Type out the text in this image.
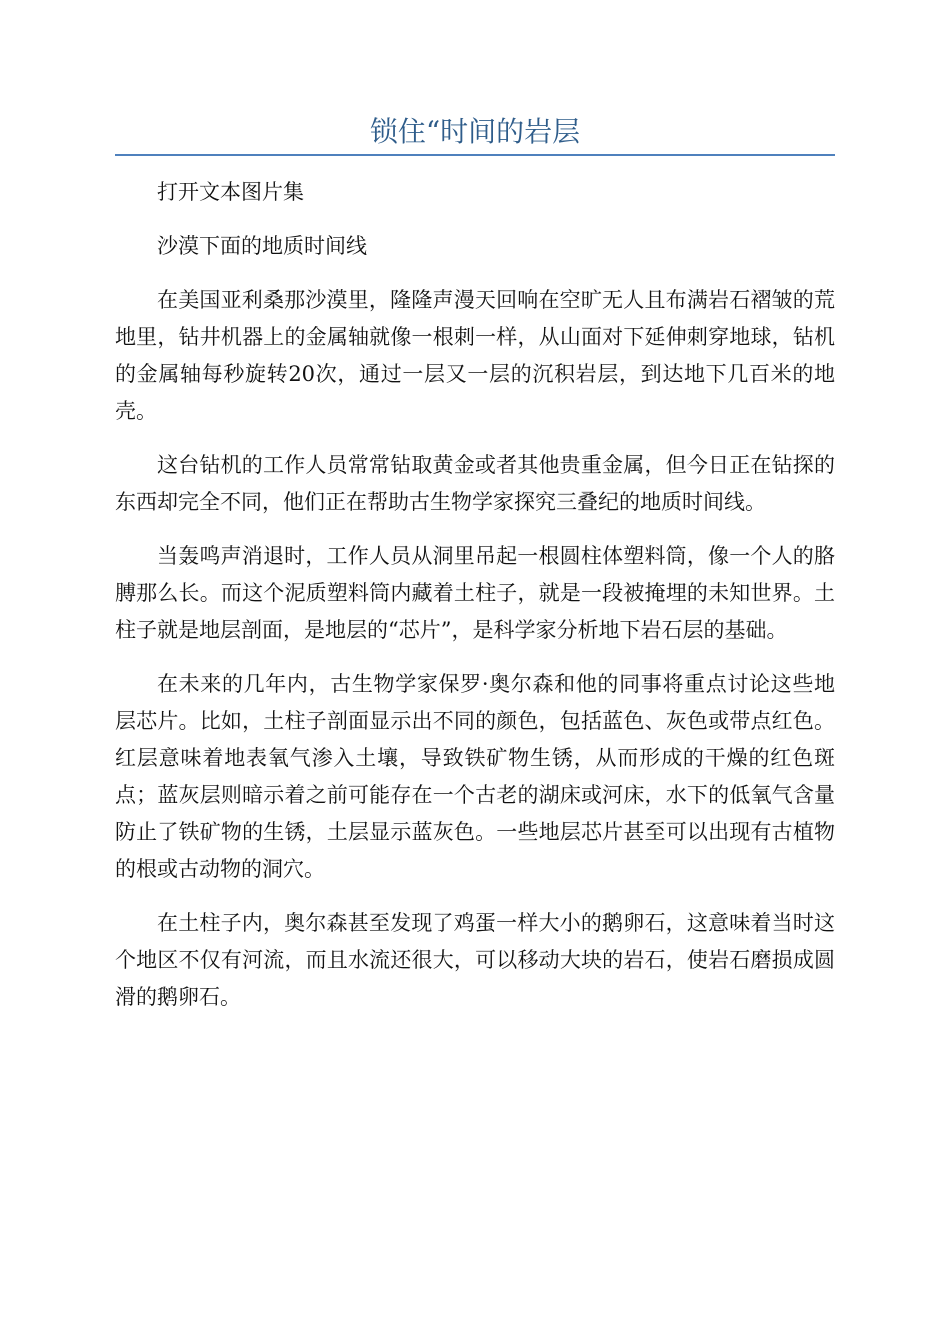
锁住“时间的岩层

打开文本图片集

沙漠下面的地质时间线

在美国亚利桑那沙漠里，隆隆声漫天回响在空旷无人且布满岩石褶皱的荒地里，钻井机器上的金属轴就像一根刺一样，从山面对下延伸刺穿地球，钻机的金属轴每秒旋转20次，通过一层又一层的沉积岩层，到达地下几百米的地壳。

这台钻机的工作人员常常钻取黄金或者其他贵重金属，但今日正在钻探的东西却完全不同，他们正在帮助古生物学家探究三叠纪的地质时间线。

当轰鸣声消退时，工作人员从洞里吊起一根圆柱体塑料筒，像一个人的胳膊那么长。而这个泥质塑料筒内藏着土柱子，就是一段被掩埋的未知世界。土柱子就是地层剖面，是地层的“芯片”，是科学家分析地下岩石层的基础。

在未来的几年内，古生物学家保罗·奥尔森和他的同事将重点讨论这些地层芯片。比如，土柱子剖面显示出不同的颜色，包括蓝色、灰色或带点红色。红层意味着地表氧气渗入土壤，导致铁矿物生锈，从而形成的干燥的红色斑点；蓝灰层则暗示着之前可能存在一个古老的湖床或河床，水下的低氧气含量防止了铁矿物的生锈，土层显示蓝灰色。一些地层芯片甚至可以出现有古植物的根或古动物的洞穴。

在土柱子内，奥尔森甚至发现了鸡蛋一样大小的鹅卵石，这意味着当时这个地区不仅有河流，而且水流还很大，可以移动大块的岩石，使岩石磨损成圆滑的鹅卵石。
